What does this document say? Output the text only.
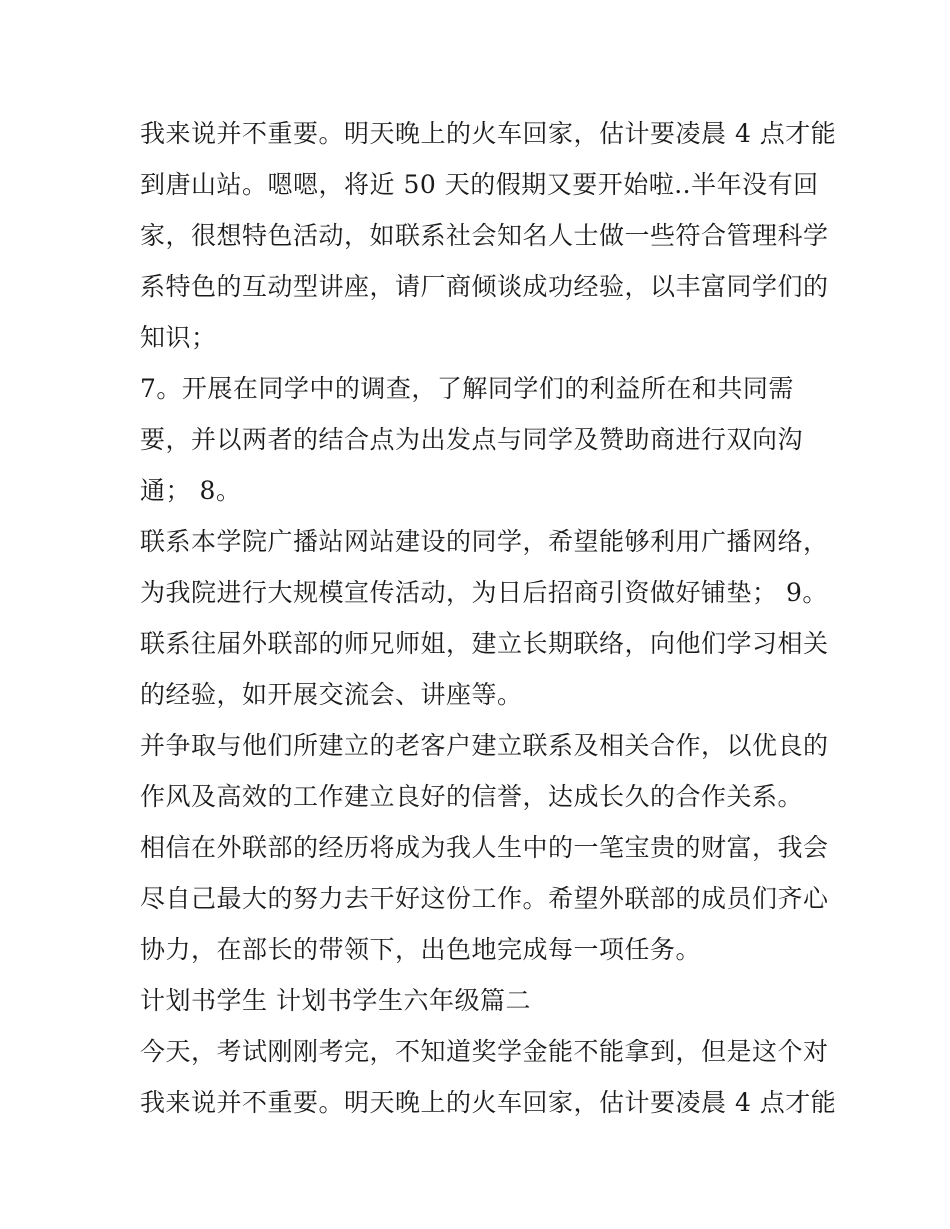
我来说并不重要。明天晚上的火车回家，估计要凌晨 4 点才能
到唐山站。嗯嗯，将近 50 天的假期又要开始啦..半年没有回
家，很想特色活动，如联系社会知名人士做一些符合管理科学
系特色的互动型讲座，请厂商倾谈成功经验，以丰富同学们的
知识；
7。开展在同学中的调查，了解同学们的利益所在和共同需
要，并以两者的结合点为出发点与同学及赞助商进行双向沟
通； 8。
联系本学院广播站网站建设的同学，希望能够利用广播网络，
为我院进行大规模宣传活动，为日后招商引资做好铺垫； 9。
联系往届外联部的师兄师姐，建立长期联络，向他们学习相关
的经验，如开展交流会、讲座等。
并争取与他们所建立的老客户建立联系及相关合作，以优良的
作风及高效的工作建立良好的信誉，达成长久的合作关系。
相信在外联部的经历将成为我人生中的一笔宝贵的财富，我会
尽自己最大的努力去干好这份工作。希望外联部的成员们齐心
协力，在部长的带领下，出色地完成每一项任务。
计划书学生 计划书学生六年级篇二
今天，考试刚刚考完，不知道奖学金能不能拿到，但是这个对
我来说并不重要。明天晚上的火车回家，估计要凌晨 4 点才能
